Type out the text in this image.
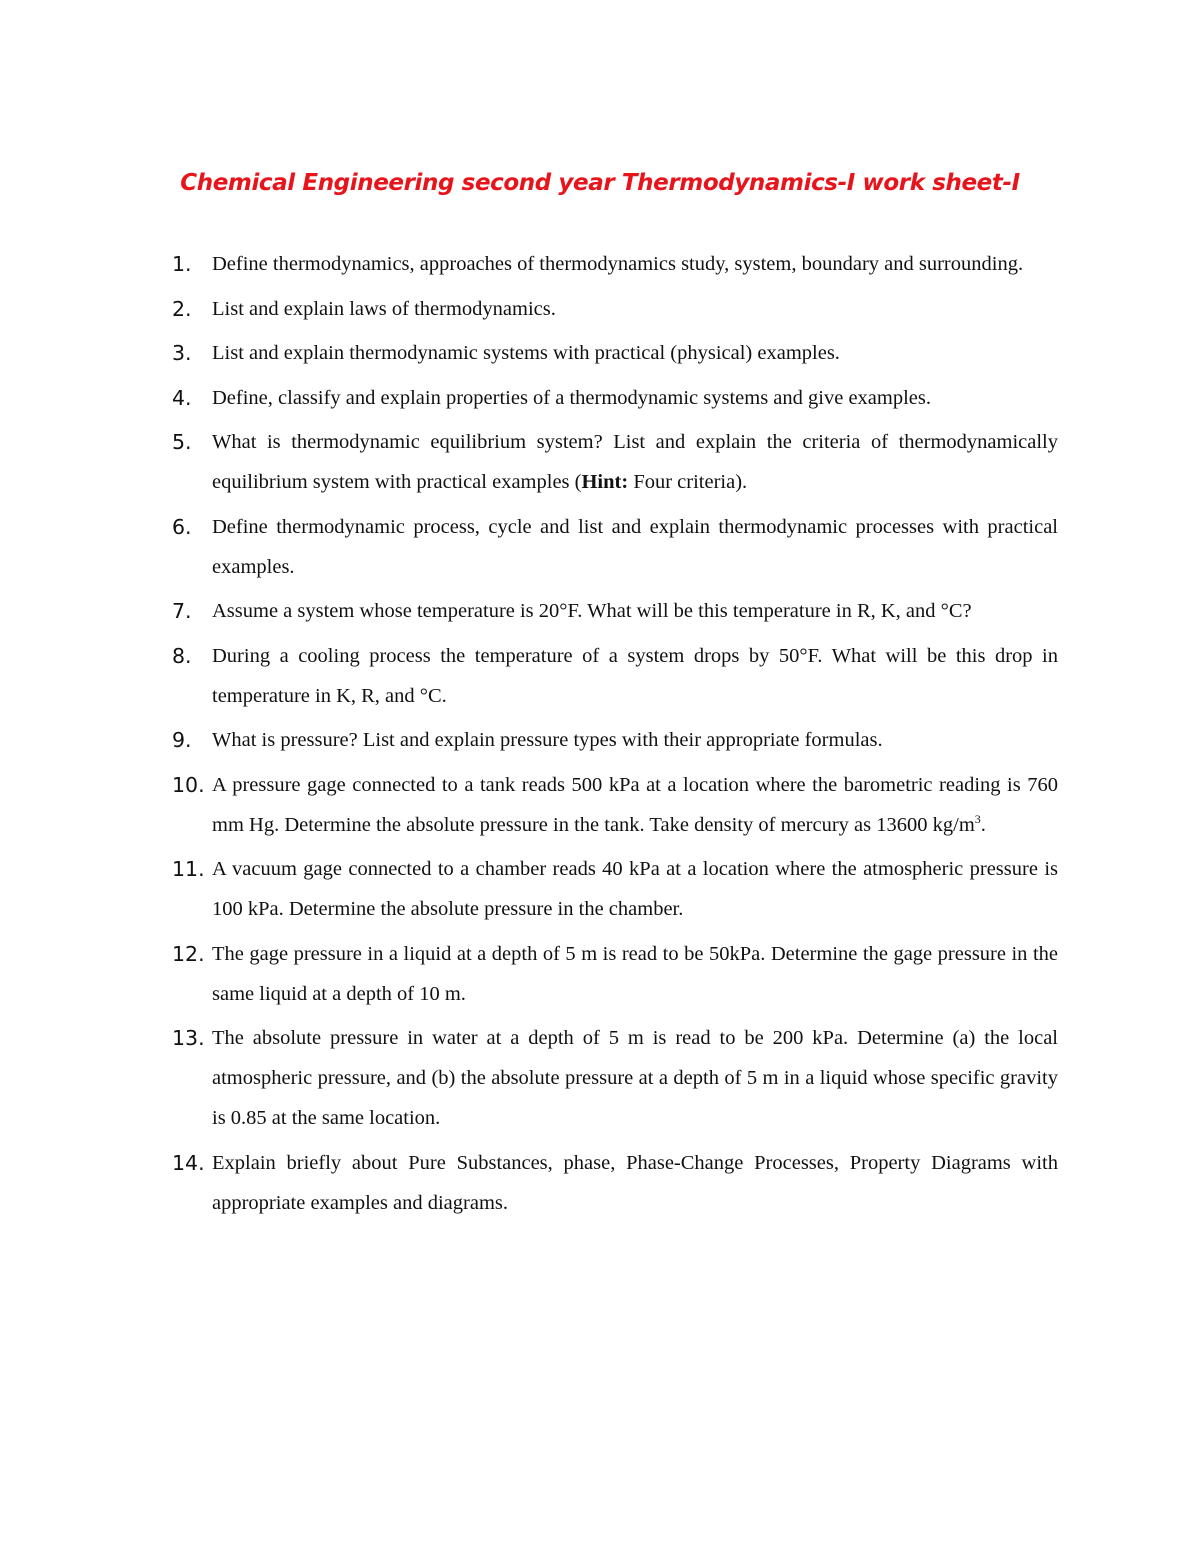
Chemical Engineering second year Thermodynamics-I work sheet-I
1. Define thermodynamics, approaches of thermodynamics study, system, boundary and surrounding.
2. List and explain laws of thermodynamics.
3. List and explain thermodynamic systems with practical (physical) examples.
4. Define, classify and explain properties of a thermodynamic systems and give examples.
5. What is thermodynamic equilibrium system? List and explain the criteria of thermodynamically equilibrium system with practical examples (Hint: Four criteria).
6. Define thermodynamic process, cycle and list and explain thermodynamic processes with practical examples.
7. Assume a system whose temperature is 20°F. What will be this temperature in R, K, and °C?
8. During a cooling process the temperature of a system drops by 50°F. What will be this drop in temperature in K, R, and °C.
9. What is pressure? List and explain pressure types with their appropriate formulas.
10. A pressure gage connected to a tank reads 500 kPa at a location where the barometric reading is 760 mm Hg. Determine the absolute pressure in the tank. Take density of mercury as 13600 $kg/m^3$.
11. A vacuum gage connected to a chamber reads 40 kPa at a location where the atmospheric pressure is 100 kPa. Determine the absolute pressure in the chamber.
12. The gage pressure in a liquid at a depth of 5 m is read to be 50kPa. Determine the gage pressure in the same liquid at a depth of 10 m.
13. The absolute pressure in water at a depth of 5 m is read to be 200 kPa. Determine (a) the local atmospheric pressure, and (b) the absolute pressure at a depth of 5 m in a liquid whose specific gravity is 0.85 at the same location.
14. Explain briefly about Pure Substances, phase, Phase-Change Processes, Property Diagrams with appropriate examples and diagrams.
